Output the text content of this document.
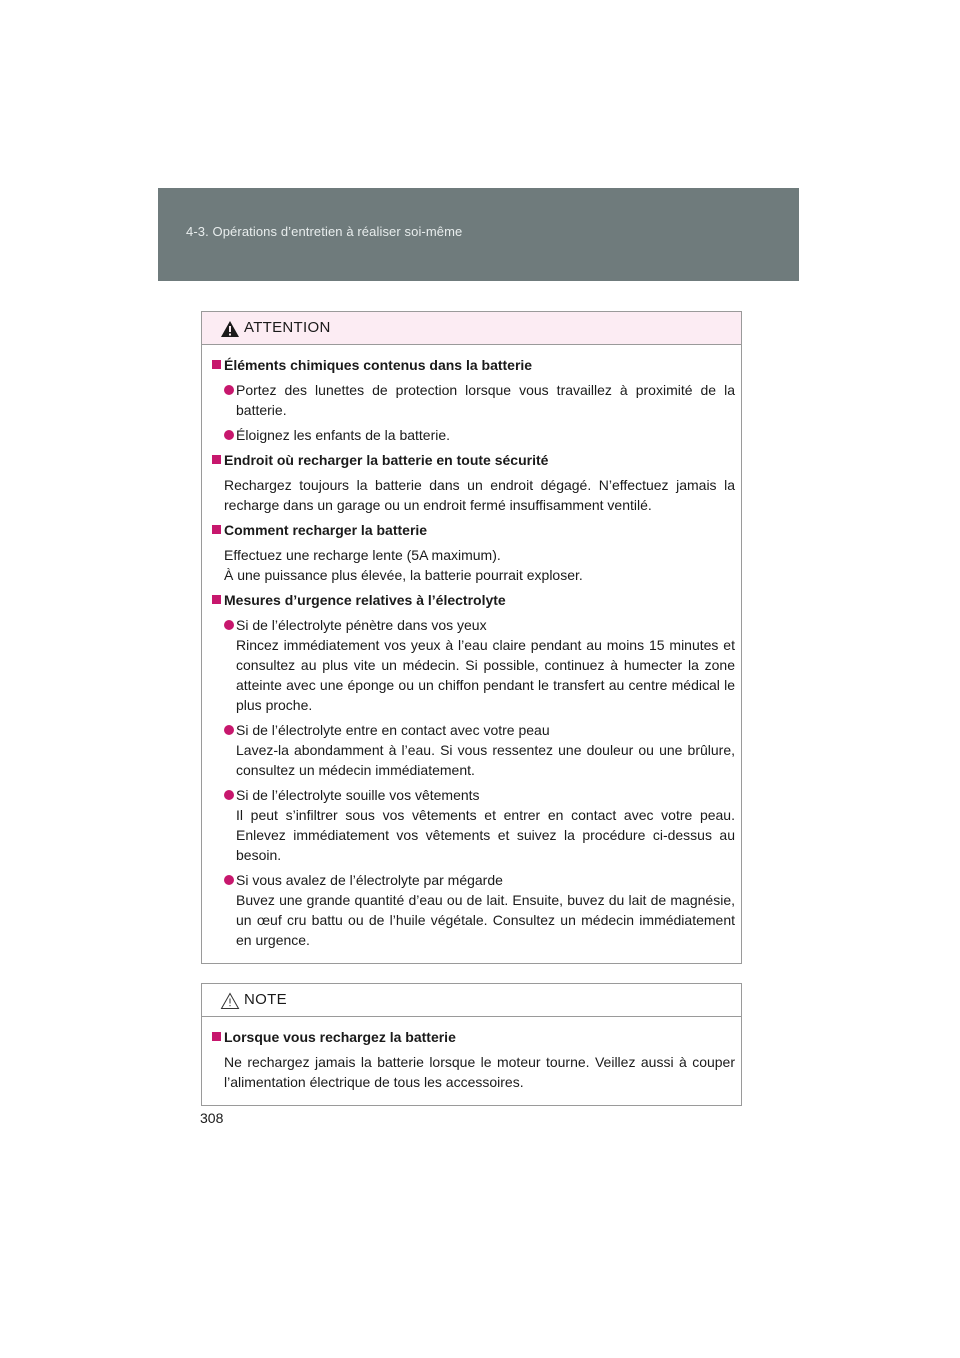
4-3. Opérations d’entretien à réaliser soi-même
ATTENTION
Éléments chimiques contenus dans la batterie
Portez des lunettes de protection lorsque vous travaillez à proximité de la batterie.
Éloignez les enfants de la batterie.
Endroit où recharger la batterie en toute sécurité
Rechargez toujours la batterie dans un endroit dégagé. N’effectuez jamais la recharge dans un garage ou un endroit fermé insuffisamment ventilé.
Comment recharger la batterie
Effectuez une recharge lente (5A maximum).
À une puissance plus élevée, la batterie pourrait exploser.
Mesures d’urgence relatives à l’électrolyte
Si de l’électrolyte pénètre dans vos yeux
Rincez immédiatement vos yeux à l’eau claire pendant au moins 15 minutes et consultez au plus vite un médecin. Si possible, continuez à humecter la zone atteinte avec une éponge ou un chiffon pendant le transfert au centre médical le plus proche.
Si de l’électrolyte entre en contact avec votre peau
Lavez-la abondamment à l’eau. Si vous ressentez une douleur ou une brûlure, consultez un médecin immédiatement.
Si de l’électrolyte souille vos vêtements
Il peut s’infiltrer sous vos vêtements et entrer en contact avec votre peau. Enlevez immédiatement vos vêtements et suivez la procédure ci-dessus au besoin.
Si vous avalez de l’électrolyte par mégarde
Buvez une grande quantité d’eau ou de lait. Ensuite, buvez du lait de magnésie, un œuf cru battu ou de l’huile végétale. Consultez un médecin immédiatement en urgence.
NOTE
Lorsque vous rechargez la batterie
Ne rechargez jamais la batterie lorsque le moteur tourne. Veillez aussi à couper l’alimentation électrique de tous les accessoires.
308
